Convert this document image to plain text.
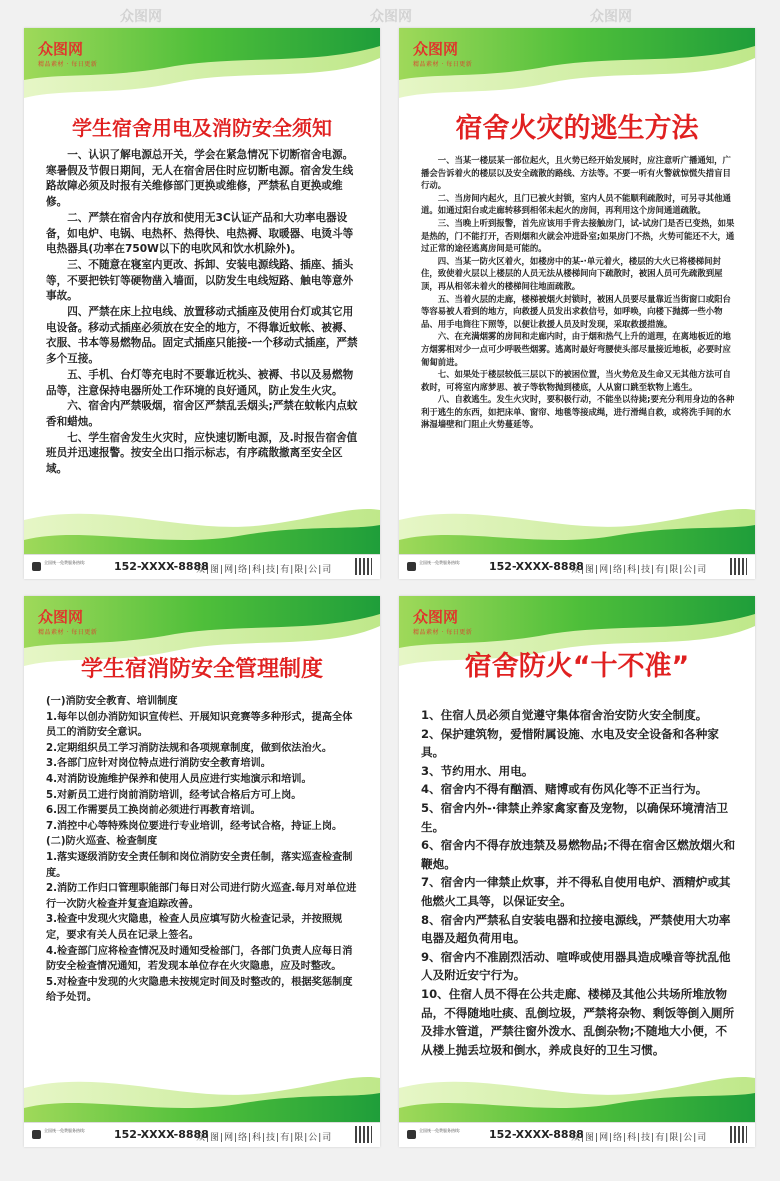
众图网	众图网	众图网
众图网
精品素材 · 每日更新
学生宿舍用电及消防安全须知

一、认识了解电源总开关，学会在紧急情况下切断宿舍电源。寒暑假及节假日期间，无人在宿舍居住时应切断电源。宿舍发生线路故障必须及时报有关维修部门更换或维修，严禁私自更换或维修。

二、严禁在宿舍内存放和使用无3C认证产品和大功率电器设备，如电炉、电锅、电热杯、热得快、电热褥、取暖器、电烫斗等电热器具(功率在750W以下的电吹风和饮水机除外)。

三、不随意在寝室内更改、拆卸、安装电源线路、插座、插头等，不要把铁钉等硬物凿入墙面，以防发生电线短路、触电等意外事故。

四、严禁在床上拉电线、放置移动式插座及使用台灯或其它用电设备。移动式插座必须放在安全的地方，不得靠近蚊帐、被褥、衣服、书本等易燃物品。固定式插座只能接-一个移动式插座，严禁多个互接。

五、手机、台灯等充电时不要靠近枕头、被褥、书以及易燃物品等，注意保持电器所处工作环境的良好通风，防止发生火灾。

六、宿舍内严禁吸烟，宿舍区严禁乱丢烟头;严禁在蚊帐内点蚊香和蜡烛。

七、学生宿舍发生火灾时，应快速切断电源，及.时报告宿舍值班员并迅速报警。按安全出口指示标志，有序疏散撤离至安全区域。

全国统一免费服务热线:	152-XXXX-8888
众|图|网|络|科|技|有|限|公|司
众图网
精品素材 · 每日更新
宿舍火灾的逃生方法

一、当某一楼层某一部位起火，且火势已经开始发展时，应注意听广播通知，广播会告诉着火的楼层以及安全疏散的路线、方法等。不要一听有火警就惊慌失措盲目行动。

二、当房间内起火，且门已被火封锁，室内人员不能顺利疏散时，可另寻其他通道。如通过阳台或走廊转移到相邻未起火的房间，再利用这个房间通道疏散。

三、当晚上听到报警，首先应该用手背去接触房门，试-试房门是否已变热，如果是热的，门不能打开，否则烟和火就会冲进卧室;如果房门不热，火势可能还不大，通过正常的途径逃离房间是可能的。

四、当某一防火区着火，如楼房中的某-·单元着火，楼层的大火已将楼梯间封住，致使着火层以上楼层的人员无法从楼梯间向下疏散时，被困人员可先疏散到屋顶，再从相邻未着火的楼梯间往地面疏散。

五、当着火层的走廊，楼梯被烟火封锁时，被困人员要尽量靠近当街窗口或阳台等容易被人看到的地方，向救援人员发出求救信号，如呼唤，向楼下抛掷一些小物品、用手电筒往下照等，以便让救援人员及时发现，采取救援措施。

六、在充满烟雾的房间和走廊内时，由于烟和热气上升的道理，在离地板近的地方烟雾相对少一点可少呼吸些烟雾。逃离时最好弯腰使头部尽量接近地板，必要时应匍匐前进。

七、如果处于楼层较低三层以下的被困位置，当火势危及生命又无其他方法可自救时，可将室内席梦思、被子等软物抛到楼底，人从窗口跳至软物上逃生。

八、自救逃生。发生火灾时，要积极行动，不能坐以待毙;要充分利用身边的各种利于逃生的东西，如把床单、窗帘、地毯等接成绳，进行滑绳自救，或将洗手间的水淋湿墙壁和门阻止火势蔓延等。

全国统一免费服务热线:	152-XXXX-8888
众|图|网|络|科|技|有|限|公|司
众图网
精品素材 · 每日更新
学生宿消防安全管理制度

(一)消防安全教育、培训制度

1.每年以创办消防知识宣传栏、开展知识竞赛等多种形式，提高全体员工的消防安全意识。

2.定期组织员工学习消防法规和各项规章制度，做到依法治火。

3.各部门应针对岗位特点进行消防安全教育培训。

4.对消防设施维护保养和使用人员应进行实地演示和培训。

5.对新员工进行岗前消防培训，经考试合格后方可上岗。

6.因工作需要员工换岗前必须进行再教育培训。

7.消控中心等特殊岗位要进行专业培训，经考试合格，持证上岗。

(二)防火巡查、检查制度

1.落实逐级消防安全责任制和岗位消防安全责任制，落实巡查检查制度。

2.消防工作归口管理职能部门每日对公司进行防火巡查.每月对单位进行一次防火检查并复查追踪改善。

3.检查中发现火灾隐患，检查人员应填写防火检查记录，并按照规定，要求有关人员在记录上签名。

4.检查部门应将检查情况及时通知受检部门，各部门负责人应每日消防安全检查情况通知，若发现本单位存在火灾隐患，应及时整改。

5.对检查中发现的火灾隐患未按规定时间及时整改的，根据奖惩制度给予处罚。

全国统一免费服务热线:	152-XXXX-8888
众|图|网|络|科|技|有|限|公|司
众图网
精品素材 · 每日更新
宿舍防火“十不准”

1、住宿人员必须自觉遵守集体宿舍治安防火安全制度。

2、保护建筑物，爱惜附属设施、水电及安全设备和各种家具。

3、节约用水、用电。

4、宿舍内不得有酗酒、赌博或有伤风化等不正当行为。

5、宿舍内外-·律禁止养家禽家畜及宠物，以确保环境清洁卫生。

6、宿舍内不得存放违禁及易燃物品;不得在宿舍区燃放烟火和鞭炮。

7、宿舍内一律禁止炊事，并不得私自使用电炉、酒精炉或其他燃火工具等，以保证安全。

8、宿舍内严禁私自安装电器和拉接电源线，严禁使用大功率电器及超负荷用电。

9、宿舍内不准剧烈活动、喧哗或使用器具造成噪音等扰乱他人及附近安宁行为。

10、住宿人员不得在公共走廊、楼梯及其他公共场所堆放物品，不得随地吐痰、乱倒垃圾，严禁将杂物、剩饭等倒入厕所及排水管道，严禁往窗外泼水、乱倒杂物;不随地大小便，不从楼上抛丢垃圾和倒水，养成良好的卫生习惯。

全国统一免费服务热线:	152-XXXX-8888
众|图|网|络|科|技|有|限|公|司
